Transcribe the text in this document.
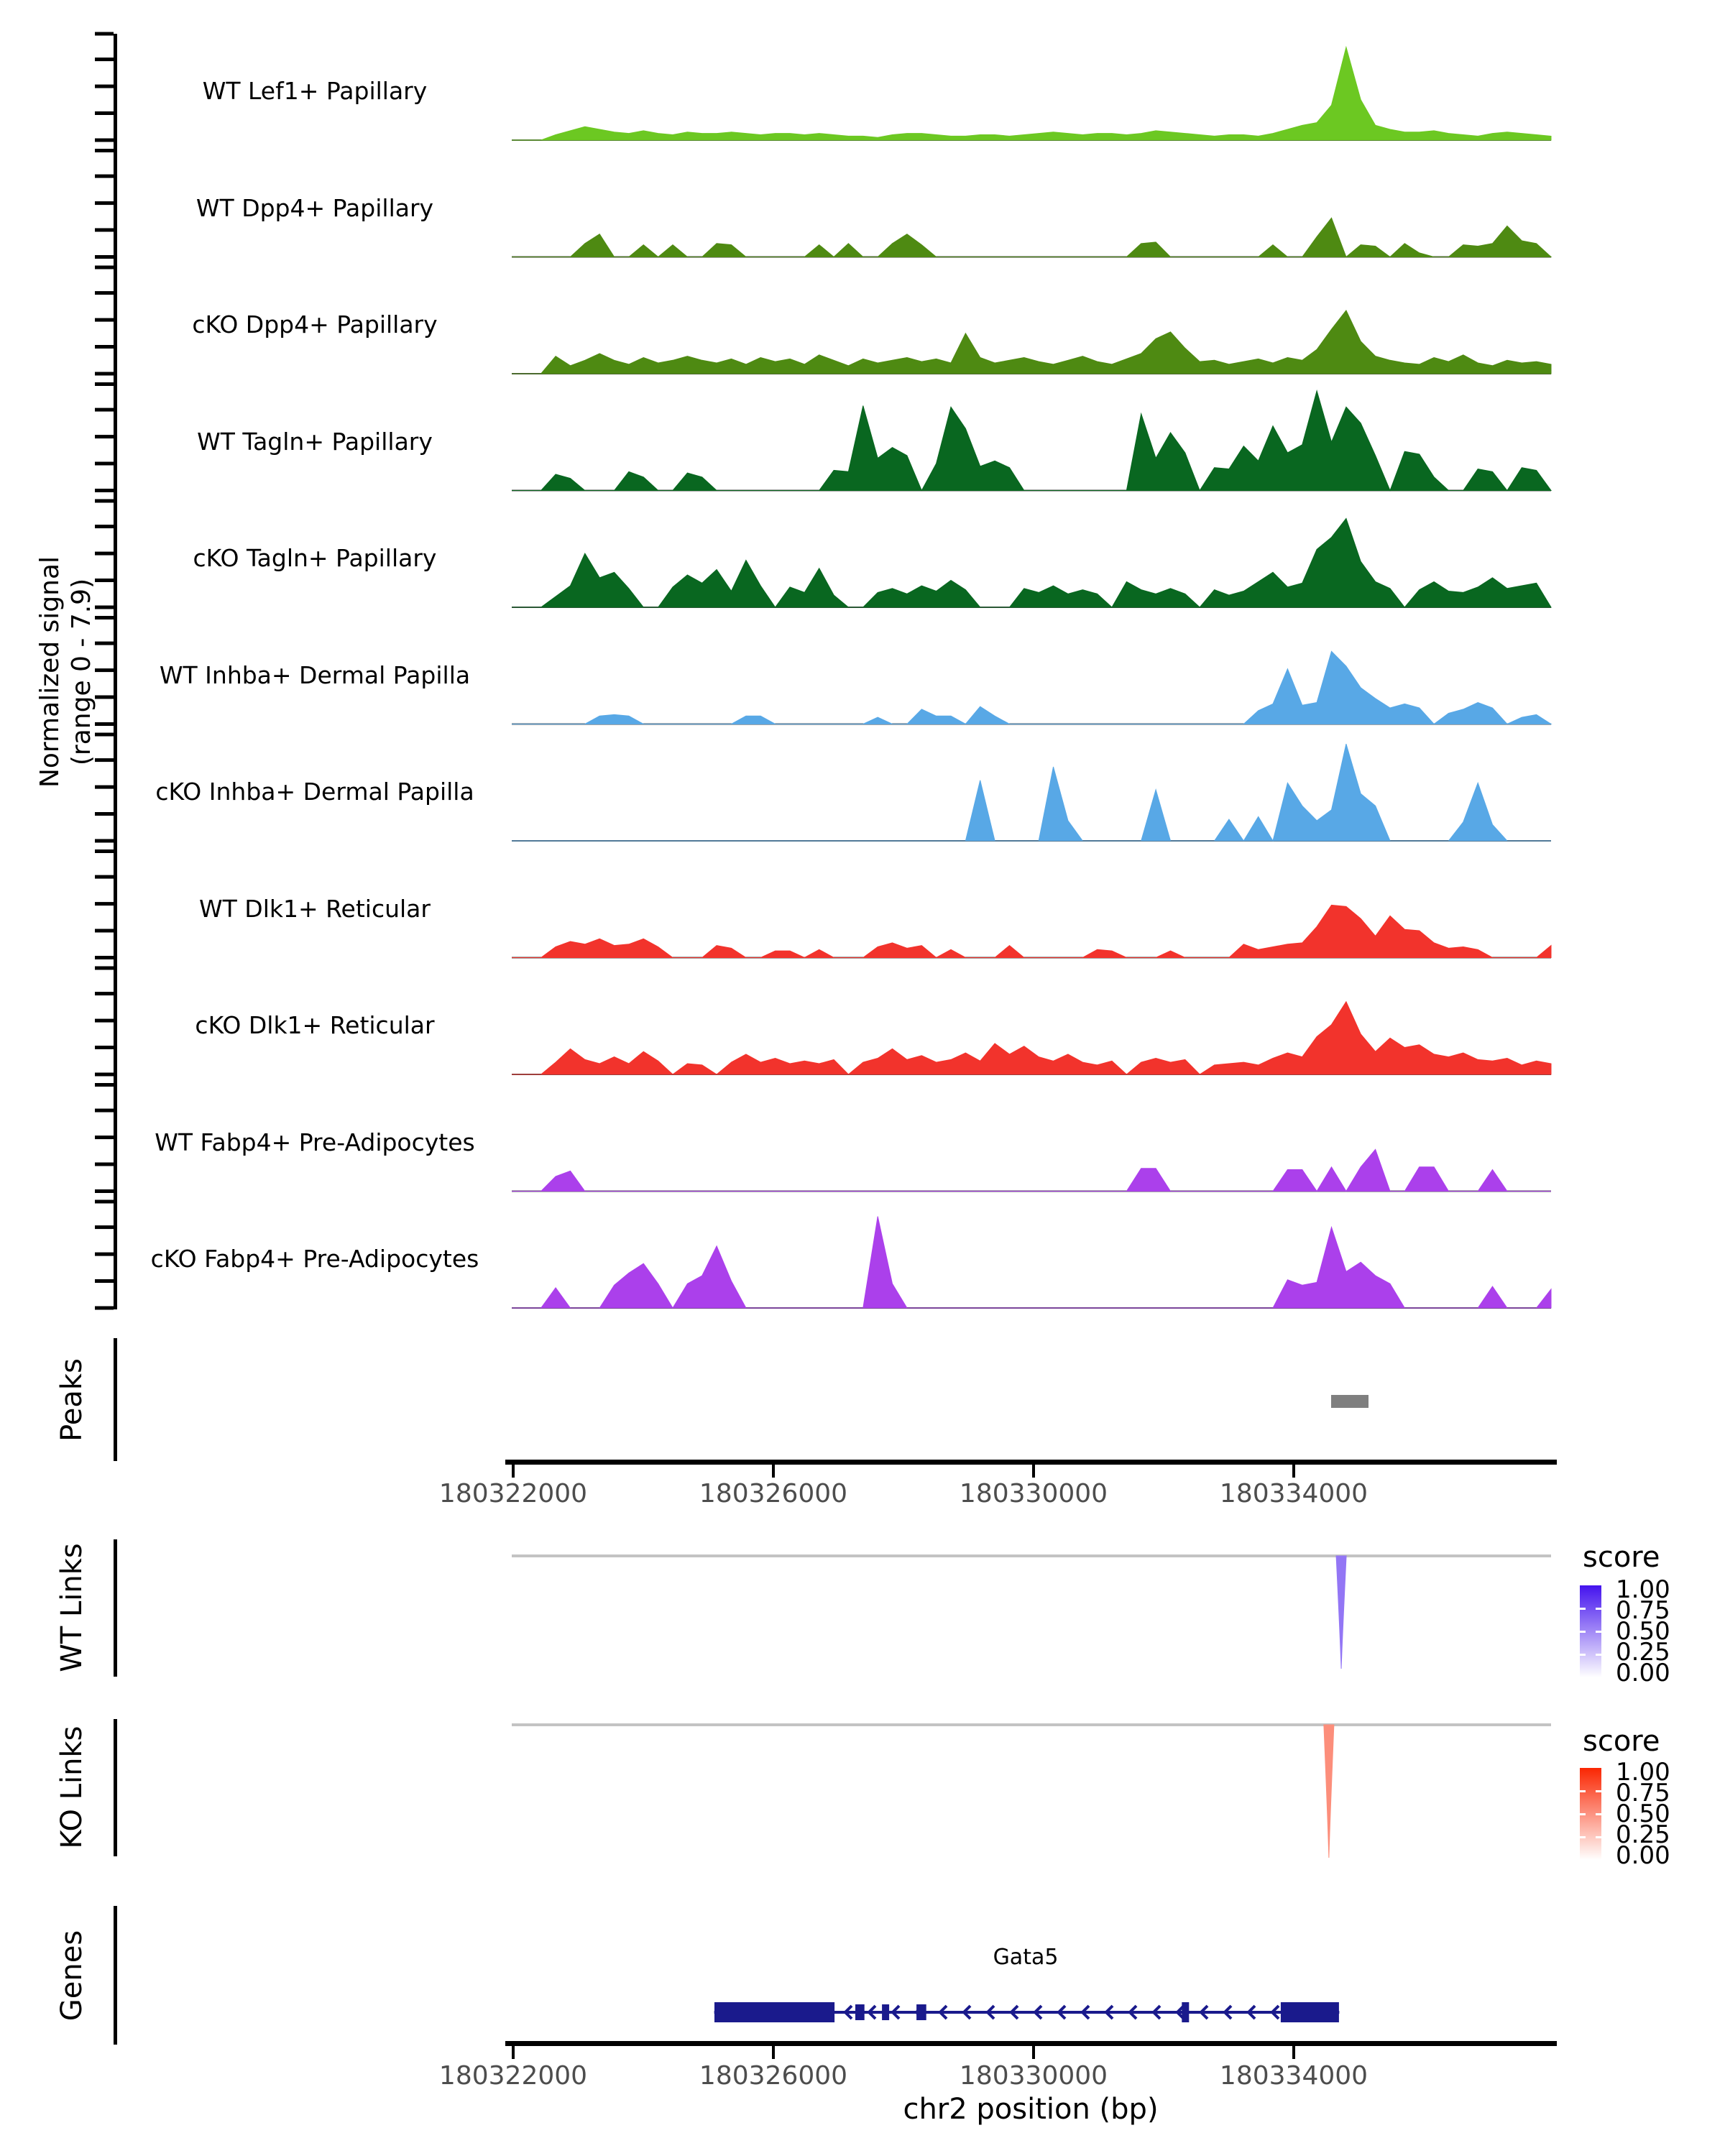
WT Lef1+ Papillary
WT Dpp4+ Papillary
cKO Dpp4+ Papillary
WT Tagln+ Papillary
cKO Tagln+ Papillary
WT Inhba+ Dermal Papilla
cKO Inhba+ Dermal Papilla
WT Dlk1+ Reticular
cKO Dlk1+ Reticular
WT Fabp4+ Pre-Adipocytes
cKO Fabp4+ Pre-Adipocytes
Normalized signal (range 0 - 7.9)
Peaks
WT Links
KO Links
Genes
180322000	180326000	180330000	180334000
Gata5
180322000	180326000	180330000	180334000
chr2 position (bp)
score
1.00
0.75
0.50
0.25
0.00
score
1.00
0.75
0.50
0.25
0.00
